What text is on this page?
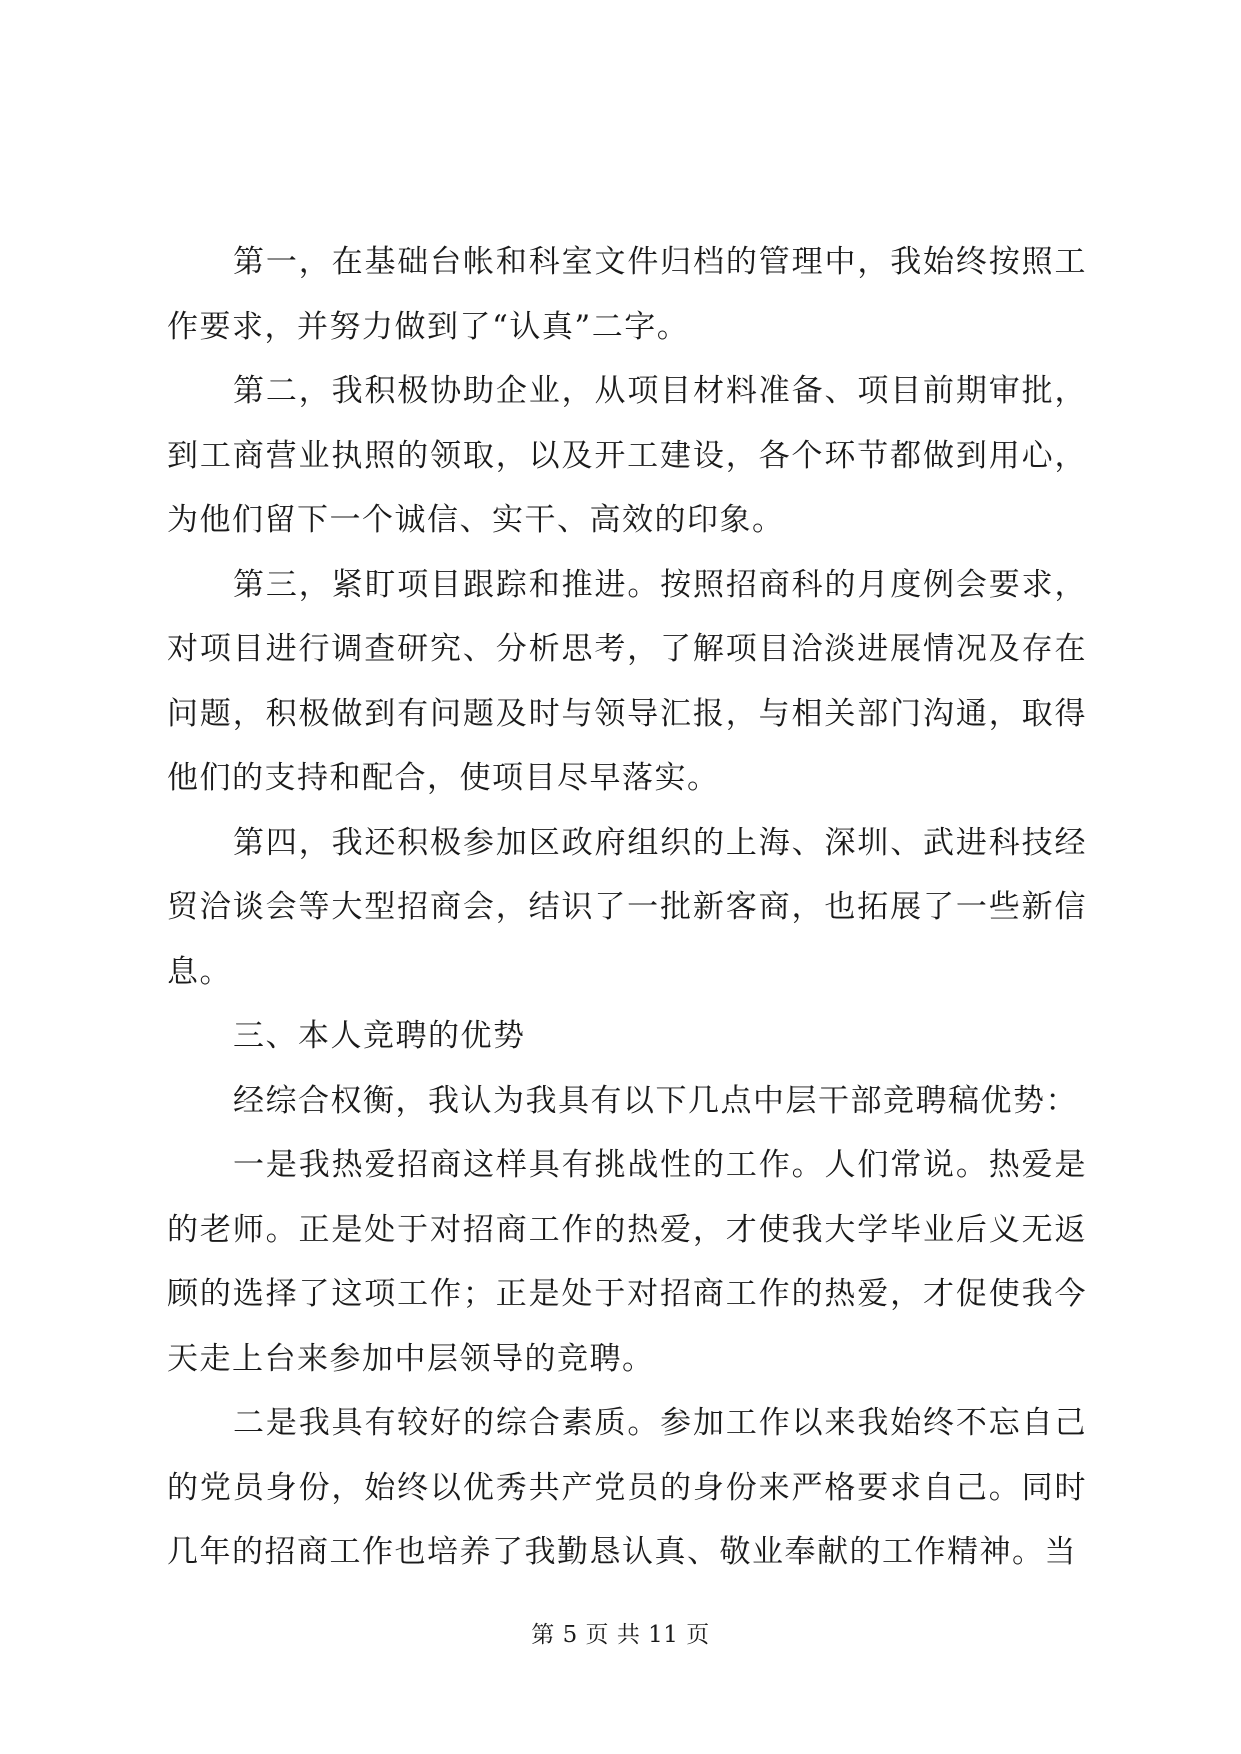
第一，在基础台帐和科室文件归档的管理中，我始终按照工作要求，并努力做到了“认真”二字。

第二，我积极协助企业，从项目材料准备、项目前期审批，到工商营业执照的领取，以及开工建设，各个环节都做到用心，为他们留下一个诚信、实干、高效的印象。

第三，紧盯项目跟踪和推进。按照招商科的月度例会要求，对项目进行调查研究、分析思考，了解项目洽淡进展情况及存在问题，积极做到有问题及时与领导汇报，与相关部门沟通，取得他们的支持和配合，使项目尽早落实。

第四，我还积极参加区政府组织的上海、深圳、武进科技经贸洽谈会等大型招商会，结识了一批新客商，也拓展了一些新信息。

三、本人竞聘的优势

经综合权衡，我认为我具有以下几点中层干部竞聘稿优势：

一是我热爱招商这样具有挑战性的工作。人们常说。热爱是的老师。正是处于对招商工作的热爱，才使我大学毕业后义无返顾的选择了这项工作；正是处于对招商工作的热爱，才促使我今天走上台来参加中层领导的竞聘。

二是我具有较好的综合素质。参加工作以来我始终不忘自己的党员身份，始终以优秀共产党员的身份来严格要求自己。同时几年的招商工作也培养了我勤恳认真、敬业奉献的工作精神。当

第 5 页 共 11 页
